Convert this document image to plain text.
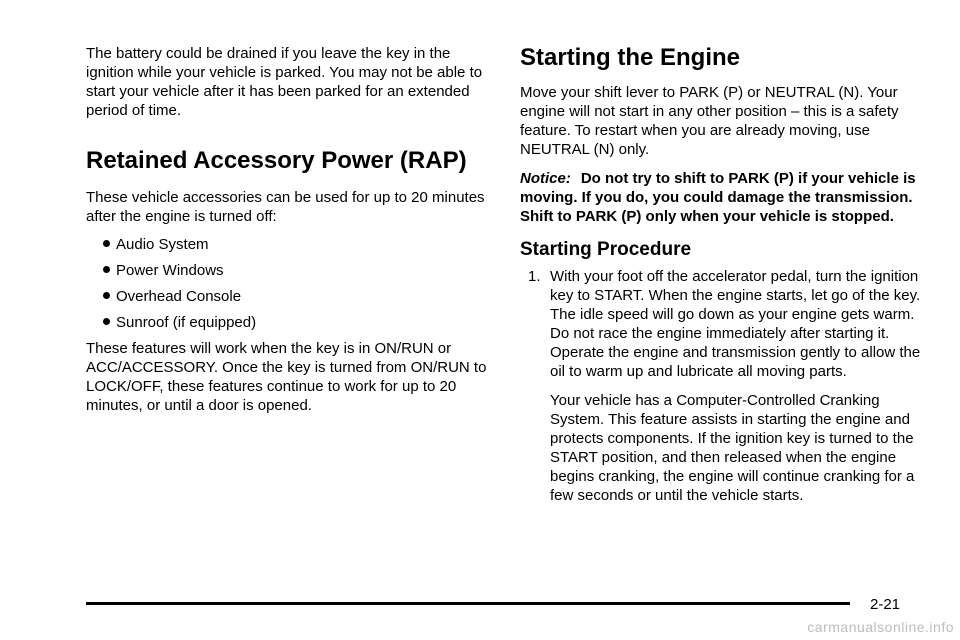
The battery could be drained if you leave the key in the ignition while your vehicle is parked. You may not be able to start your vehicle after it has been parked for an extended period of time.

Retained Accessory Power (RAP)

These vehicle accessories can be used for up to 20 minutes after the engine is turned off:

Audio System
Power Windows
Overhead Console
Sunroof (if equipped)

These features will work when the key is in ON/RUN or ACC/ACCESSORY. Once the key is turned from ON/RUN to LOCK/OFF, these features continue to work for up to 20 minutes, or until a door is opened.

Starting the Engine

Move your shift lever to PARK (P) or NEUTRAL (N). Your engine will not start in any other position – this is a safety feature. To restart when you are already moving, use NEUTRAL (N) only.

Notice: Do not try to shift to PARK (P) if your vehicle is moving. If you do, you could damage the transmission. Shift to PARK (P) only when your vehicle is stopped.

Starting Procedure
1. With your foot off the accelerator pedal, turn the ignition key to START. When the engine starts, let go of the key. The idle speed will go down as your engine gets warm. Do not race the engine immediately after starting it. Operate the engine and transmission gently to allow the oil to warm up and lubricate all moving parts.

Your vehicle has a Computer-Controlled Cranking System. This feature assists in starting the engine and protects components. If the ignition key is turned to the START position, and then released when the engine begins cranking, the engine will continue cranking for a few seconds or until the vehicle starts.

2-21
carmanualsonline.info
